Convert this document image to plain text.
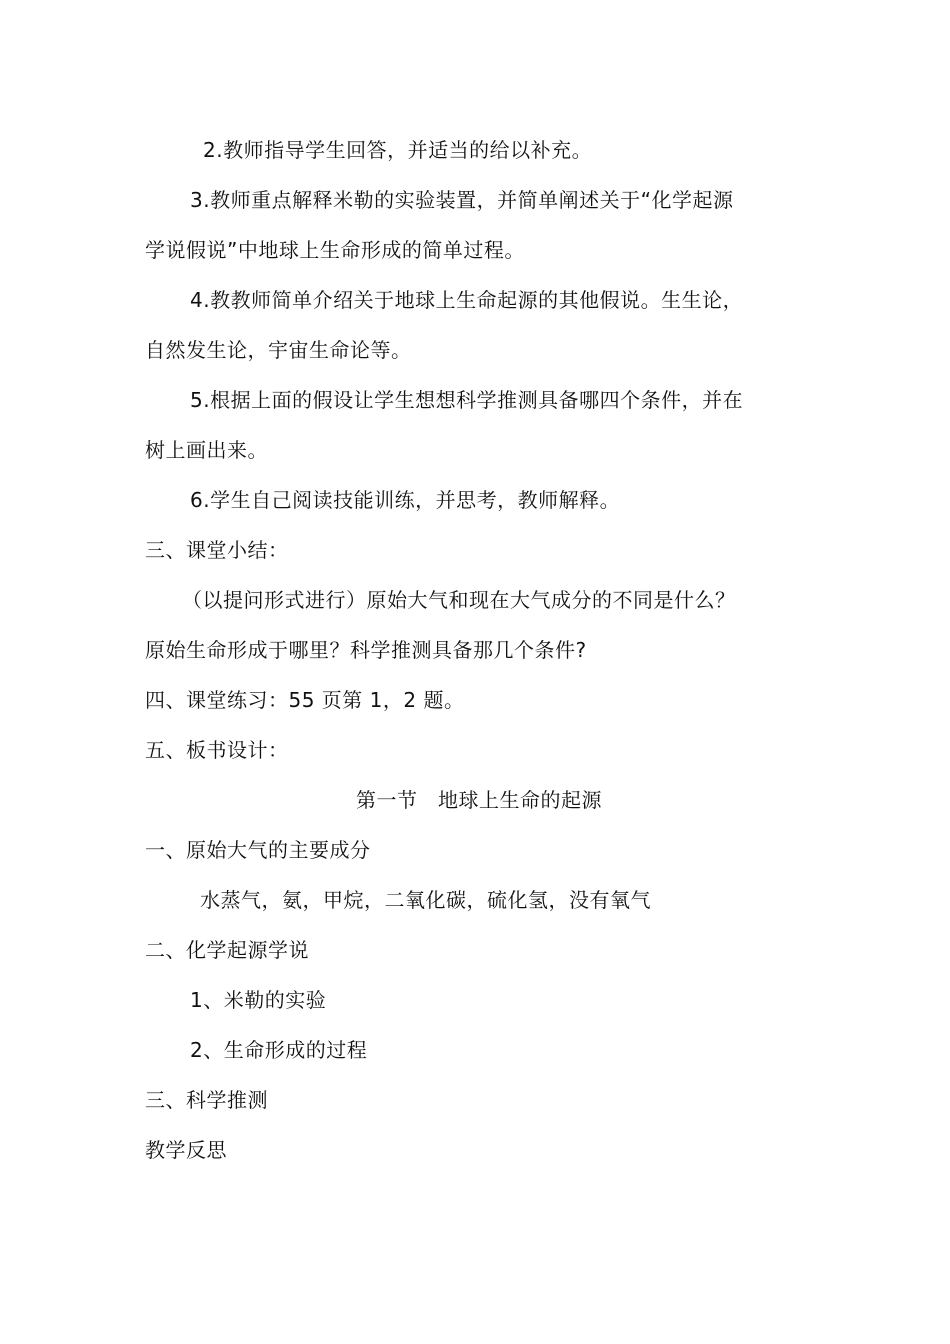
2.教师指导学生回答，并适当的给以补充。
3.教师重点解释米勒的实验装置，并简单阐述关于“化学起源
学说假说”中地球上生命形成的简单过程。
4.教教师简单介绍关于地球上生命起源的其他假说。生生论，
自然发生论，宇宙生命论等。
5.根据上面的假设让学生想想科学推测具备哪四个条件，并在
树上画出来。
6.学生自己阅读技能训练，并思考，教师解释。
三、课堂小结：
（以提问形式进行）原始大气和现在大气成分的不同是什么？
原始生命形成于哪里？科学推测具备那几个条件?
四、课堂练习：55 页第 1，2 题。
五、板书设计：
第一节　地球上生命的起源
一、原始大气的主要成分
水蒸气，氨，甲烷，二氧化碳，硫化氢，没有氧气
二、化学起源学说
1、米勒的实验
2、生命形成的过程
三、科学推测
教学反思
